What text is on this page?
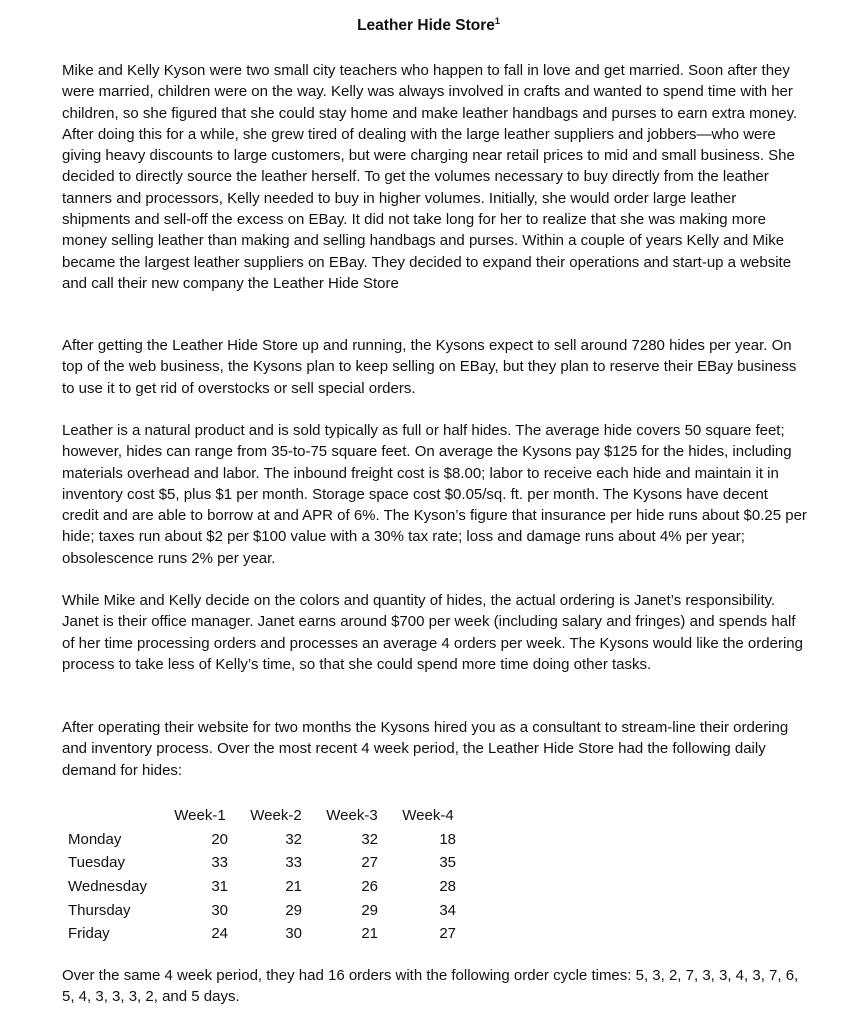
Leather Hide Store$^1$

Mike and Kelly Kyson were two small city teachers who happen to fall in love and get married. Soon after they were married, children were on the way. Kelly was always involved in crafts and wanted to spend time with her children, so she figured that she could stay home and make leather handbags and purses to earn extra money. After doing this for a while, she grew tired of dealing with the large leather suppliers and jobbers—who were giving heavy discounts to large customers, but were charging near retail prices to mid and small business. She decided to directly source the leather herself. To get the volumes necessary to buy directly from the leather tanners and processors, Kelly needed to buy in higher volumes. Initially, she would order large leather shipments and sell-off the excess on EBay. It did not take long for her to realize that she was making more money selling leather than making and selling handbags and purses. Within a couple of years Kelly and Mike became the largest leather suppliers on EBay. They decided to expand their operations and start-up a website and call their new company the Leather Hide Store

After getting the Leather Hide Store up and running, the Kysons expect to sell around 7280 hides per year. On top of the web business, the Kysons plan to keep selling on EBay, but they plan to reserve their EBay business to use it to get rid of overstocks or sell special orders.

Leather is a natural product and is sold typically as full or half hides. The average hide covers 50 square feet; however, hides can range from 35-to-75 square feet. On average the Kysons pay $125 for the hides, including materials overhead and labor. The inbound freight cost is $8.00; labor to receive each hide and maintain it in inventory cost $5, plus $1 per month. Storage space cost $0.05/sq. ft. per month. The Kysons have decent credit and are able to borrow at and APR of 6%. The Kyson’s figure that insurance per hide runs about $0.25 per hide; taxes run about $2 per $100 value with a 30% tax rate; loss and damage runs about 4% per year; obsolescence runs 2% per year.

While Mike and Kelly decide on the colors and quantity of hides, the actual ordering is Janet’s responsibility. Janet is their office manager. Janet earns around $700 per week (including salary and fringes) and spends half of her time processing orders and processes an average 4 orders per week. The Kysons would like the ordering process to take less of Kelly’s time, so that she could spend more time doing other tasks.

After operating their website for two months the Kysons hired you as a consultant to stream-line their ordering and inventory process. Over the most recent 4 week period, the Leather Hide Store had the following daily demand for hides:

	Week-1	Week-2	Week-3	Week-4
Monday	20	32	32	18
Tuesday	33	33	27	35
Wednesday	31	21	26	28
Thursday	30	29	29	34
Friday	24	30	21	27

Over the same 4 week period, they had 16 orders with the following order cycle times: 5, 3, 2, 7, 3, 3, 4, 3, 7, 6, 5, 4, 3, 3, 3, 2, and 5 days.
